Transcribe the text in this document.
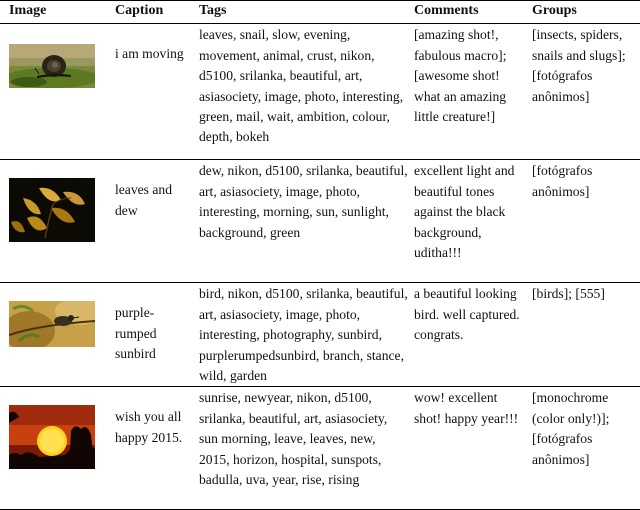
Image	Caption	Tags	Comments	Groups

i am moving	leaves, snail, slow, evening, movement, animal, crust, nikon, d5100, srilanka, beautiful, art, asiasociety, image, photo, interesting, green, mail, wait, ambition, colour, depth, bokeh	[amazing shot!, fabulous macro]; [awesome shot! what an amazing little creature!]	[insects, spiders, snails and slugs]; [fotógrafos anônimos]

leaves and dew	dew, nikon, d5100, srilanka, beautiful, art, asiasociety, image, photo, interesting, morning, sun, sunlight, background, green	excellent light and beautiful tones against the black background, uditha!!!	[fotógrafos anônimos]

purple-rumped sunbird	bird, nikon, d5100, srilanka, beautiful, art, asiasociety, image, photo, interesting, photography, sunbird, purplerumpedsunbird, branch, stance, wild, garden	a beautiful looking bird. well captured. congrats.	[birds]; [555]

wish you all happy 2015.	sunrise, newyear, nikon, d5100, srilanka, beautiful, art, asiasociety, sun morning, leave, leaves, new, 2015, horizon, hospital, sunspots, badulla, uva, year, rise, rising	wow! excellent shot! happy year!!!	[monochrome (color only!)]; [fotógrafos anônimos]
